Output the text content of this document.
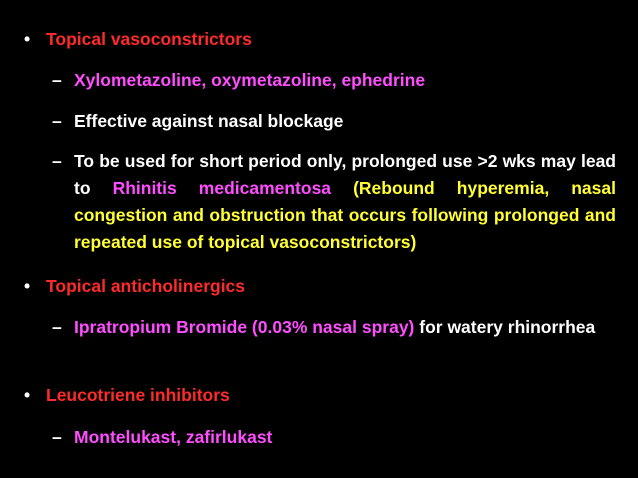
• Topical vasoconstrictors
– Xylometazoline, oxymetazoline, ephedrine
– Effective against nasal blockage
– To be used for short period only, prolonged use >2 wks may lead to Rhinitis medicamentosa (Rebound hyperemia, nasal congestion and obstruction that occurs following prolonged and repeated use of topical vasoconstrictors)
• Topical anticholinergics
– Ipratropium Bromide (0.03% nasal spray) for watery rhinorrhea
• Leucotriene inhibitors
– Montelukast, zafirlukast
